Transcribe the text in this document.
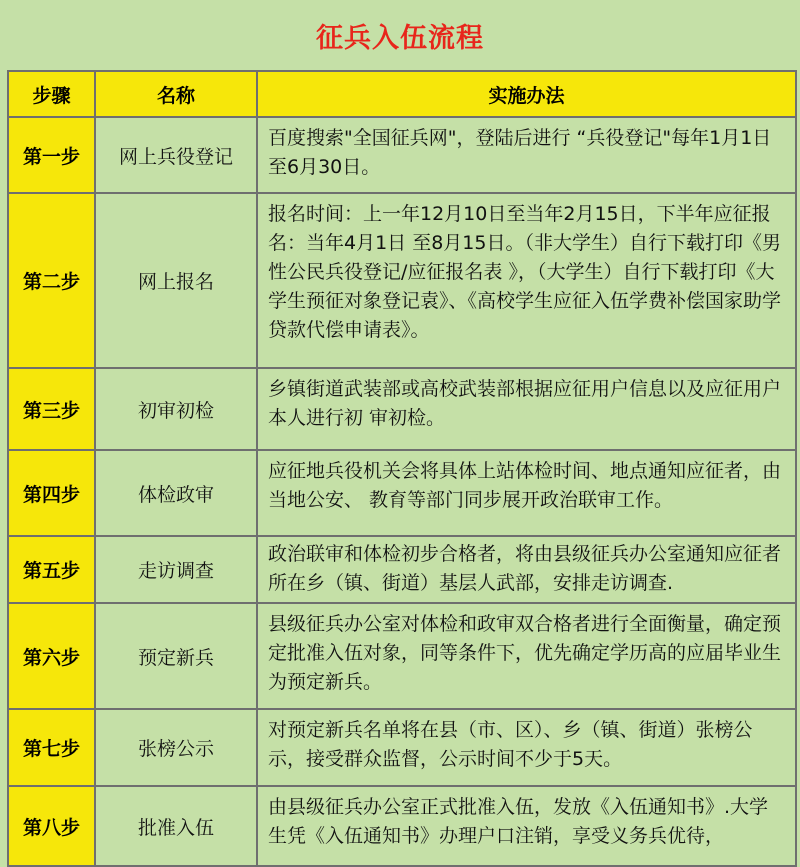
征兵入伍流程
步骤	名称	实施办法
第一步	网上兵役登记	百度搜索"全国征兵网"，登陆后进行 “兵役登记"每年1月1日至6月30日。
第二步	网上报名	报名时间：上一年12月10日至当年2月15日，下半年应征报名：当年4月1日 至8月15日。（非大学生）自行下载打印《男性公民兵役登记/应征报名表 》，（大学生）自行下载打印《大学生预征对象登记袁》、《高校学生应征入伍学费补偿国家助学贷款代偿申请表》。
第三步	初审初检	乡镇街道武装部或高校武装部根据应征用户信息以及应征用户本人进行初 审初检。
第四步	体检政审	应征地兵役机关会将具体上站体检时间、地点通知应征者，由当地公安、 教育等部门同步展开政治联审工作。
第五步	走访调查	政治联审和体检初步合格者，将由县级征兵办公室通知应征者所在乡（镇、街道）基层人武部，安排走访调查.
第六步	预定新兵	县级征兵办公室对体检和政审双合格者进行全面衡量，确定预定批准入伍对象，同等条件下，优先确定学历高的应届毕业生为预定新兵。
第七步	张榜公示	对预定新兵名单将在县（市、区）、乡（镇、街道）张榜公示，接受群众监督，公示时间不少于5天。
第八步	批准入伍	由县级征兵办公室正式批准入伍，发放《入伍通知书》.大学生凭《入伍通知书》办理户口注销，享受义务兵优待，
